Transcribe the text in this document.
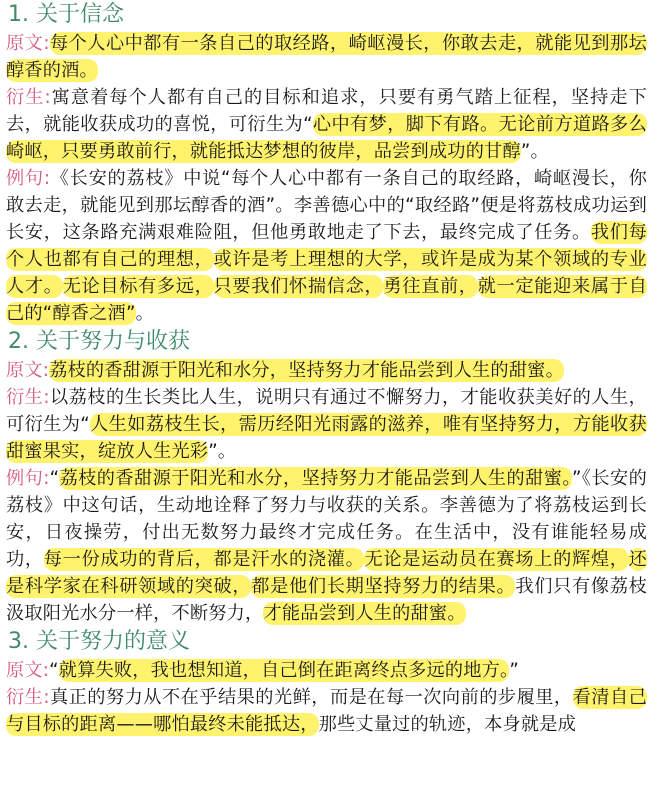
1. 关于信念

原文:每个人心中都有一条自己的取经路，崎岖漫长，你敢去走，就能见到那坛醇香的酒。

衍生:寓意着每个人都有自己的目标和追求，只要有勇气踏上征程，坚持走下去，就能收获成功的喜悦，可衍生为“心中有梦，脚下有路。无论前方道路多么崎岖，只要勇敢前行，就能抵达梦想的彼岸，品尝到成功的甘醇”。

例句:《长安的荔枝》中说“每个人心中都有一条自己的取经路，崎岖漫长，你敢去走，就能见到那坛醇香的酒”。李善德心中的“取经路”便是将荔枝成功运到长安，这条路充满艰难险阻，但他勇敢地走了下去，最终完成了任务。我们每个人也都有自己的理想，或许是考上理想的大学，或许是成为某个领域的专业人才。无论目标有多远，只要我们怀揣信念，勇往直前，就一定能迎来属于自己的“醇香之酒”。

2. 关于努力与收获

原文:荔枝的香甜源于阳光和水分，坚持努力才能品尝到人生的甜蜜。

衍生:以荔枝的生长类比人生，说明只有通过不懈努力，才能收获美好的人生，可衍生为“人生如荔枝生长，需历经阳光雨露的滋养，唯有坚持努力，方能收获甜蜜果实，绽放人生光彩”。

例句:“荔枝的香甜源于阳光和水分，坚持努力才能品尝到人生的甜蜜。”《长安的荔枝》中这句话，生动地诠释了努力与收获的关系。李善德为了将荔枝运到长安，日夜操劳，付出无数努力最终才完成任务。在生活中，没有谁能轻易成功，每一份成功的背后，都是汗水的浇灌。无论是运动员在赛场上的辉煌，还是科学家在科研领域的突破，都是他们长期坚持努力的结果。我们只有像荔枝汲取阳光水分一样，不断努力，才能品尝到人生的甜蜜。

3. 关于努力的意义

原文:“就算失败，我也想知道，自己倒在距离终点多远的地方。”

衍生:真正的努力从不在乎结果的光鲜，而是在每一次向前的步履里，看清自己与目标的距离——哪怕最终未能抵达，那些丈量过的轨迹，本身就是成
